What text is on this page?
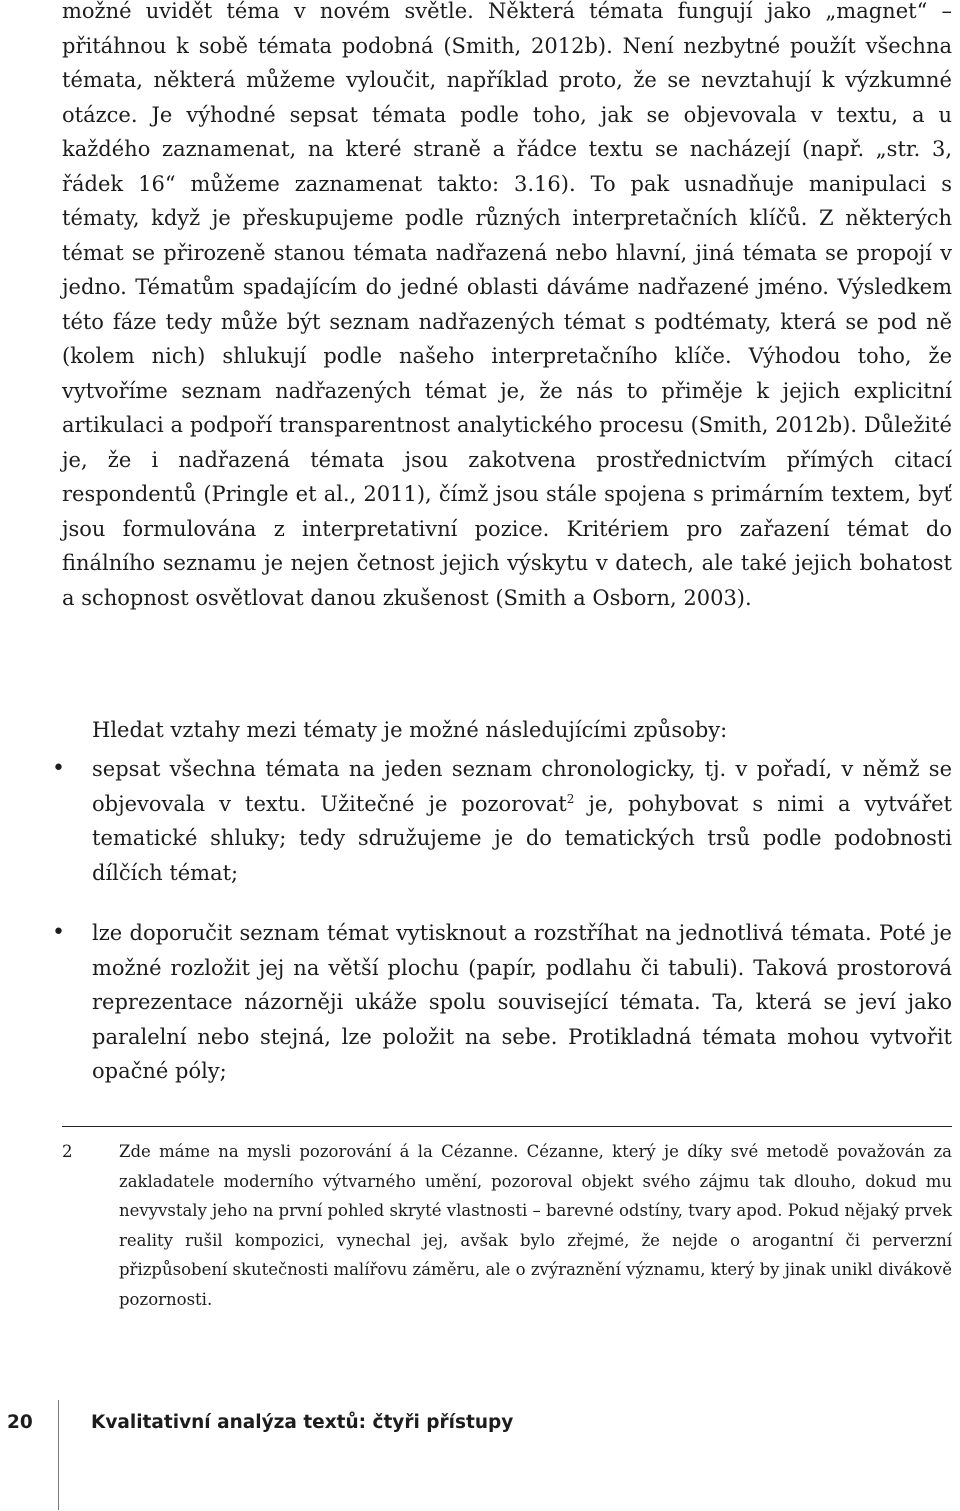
možné uvidět téma v novém světle. Některá témata fungují jako „magnet“ – přitáhnou k sobě témata podobná (Smith, 2012b). Není nezbytné použít všechna témata, některá můžeme vyloučit, například proto, že se nevztahují k výzkumné otázce. Je výhodné sepsat témata podle toho, jak se objevovala v textu, a u každého zaznamenat, na které straně a řádce textu se nacházejí (např. „str. 3, řádek 16“ můžeme zaznamenat takto: 3.16). To pak usnadňuje manipulaci s tématy, když je přeskupujeme podle různých interpretačních klíčů. Z některých témat se přirozeně stanou témata nadřazená nebo hlavní, jiná témata se propojí v jedno. Tématům spadajícím do jedné oblasti dáváme nadřazené jméno. Výsledkem této fáze tedy může být seznam nadřazených témat s podtématy, která se pod ně (kolem nich) shlukují podle našeho interpretačního klíče. Výhodou toho, že vytvoříme seznam nadřazených témat je, že nás to přiměje k jejich explicitní artikulaci a podpoří transparentnost analytického procesu (Smith, 2012b). Důležité je, že i nadřazená témata jsou zakotvena prostřednictvím přímých citací respondentů (Pringle et al., 2011), čímž jsou stále spojena s primárním textem, byť jsou formulována z interpretativní pozice. Kritériem pro zařazení témat do finálního seznamu je nejen četnost jejich výskytu v datech, ale také jejich bohatost a schopnost osvětlovat danou zkušenost (Smith a Osborn, 2003).

Hledat vztahy mezi tématy je možné následujícími způsoby:

• sepsat všechna témata na jeden seznam chronologicky, tj. v pořadí, v němž se objevovala v textu. Užitečné je pozorovat$^2$ je, pohybovat s nimi a vytvářet tematické shluky; tedy sdružujeme je do tematických trsů podle podobnosti dílčích témat;
• lze doporučit seznam témat vytisknout a rozstříhat na jednotlivá témata. Poté je možné rozložit jej na větší plochu (papír, podlahu či tabuli). Taková prostorová reprezentace názorněji ukáže spolu související témata. Ta, která se jeví jako paralelní nebo stejná, lze položit na sebe. Protikladná témata mohou vytvořit opačné póly;
2	Zde máme na mysli pozorování á la Cézanne. Cézanne, který je díky své metodě považován za zakladatele moderního výtvarného umění, pozoroval objekt svého zájmu tak dlouho, dokud mu nevyvstaly jeho na první pohled skryté vlastnosti – barevné odstíny, tvary apod. Pokud nějaký prvek reality rušil kompozici, vynechal jej, avšak bylo zřejmé, že nejde o arogantní či perverzní přizpůsobení skutečnosti malířovu záměru, ale o zvýraznění významu, který by jinak unikl divákově pozornosti.
20	Kvalitativní analýza textů: čtyři přístupy
